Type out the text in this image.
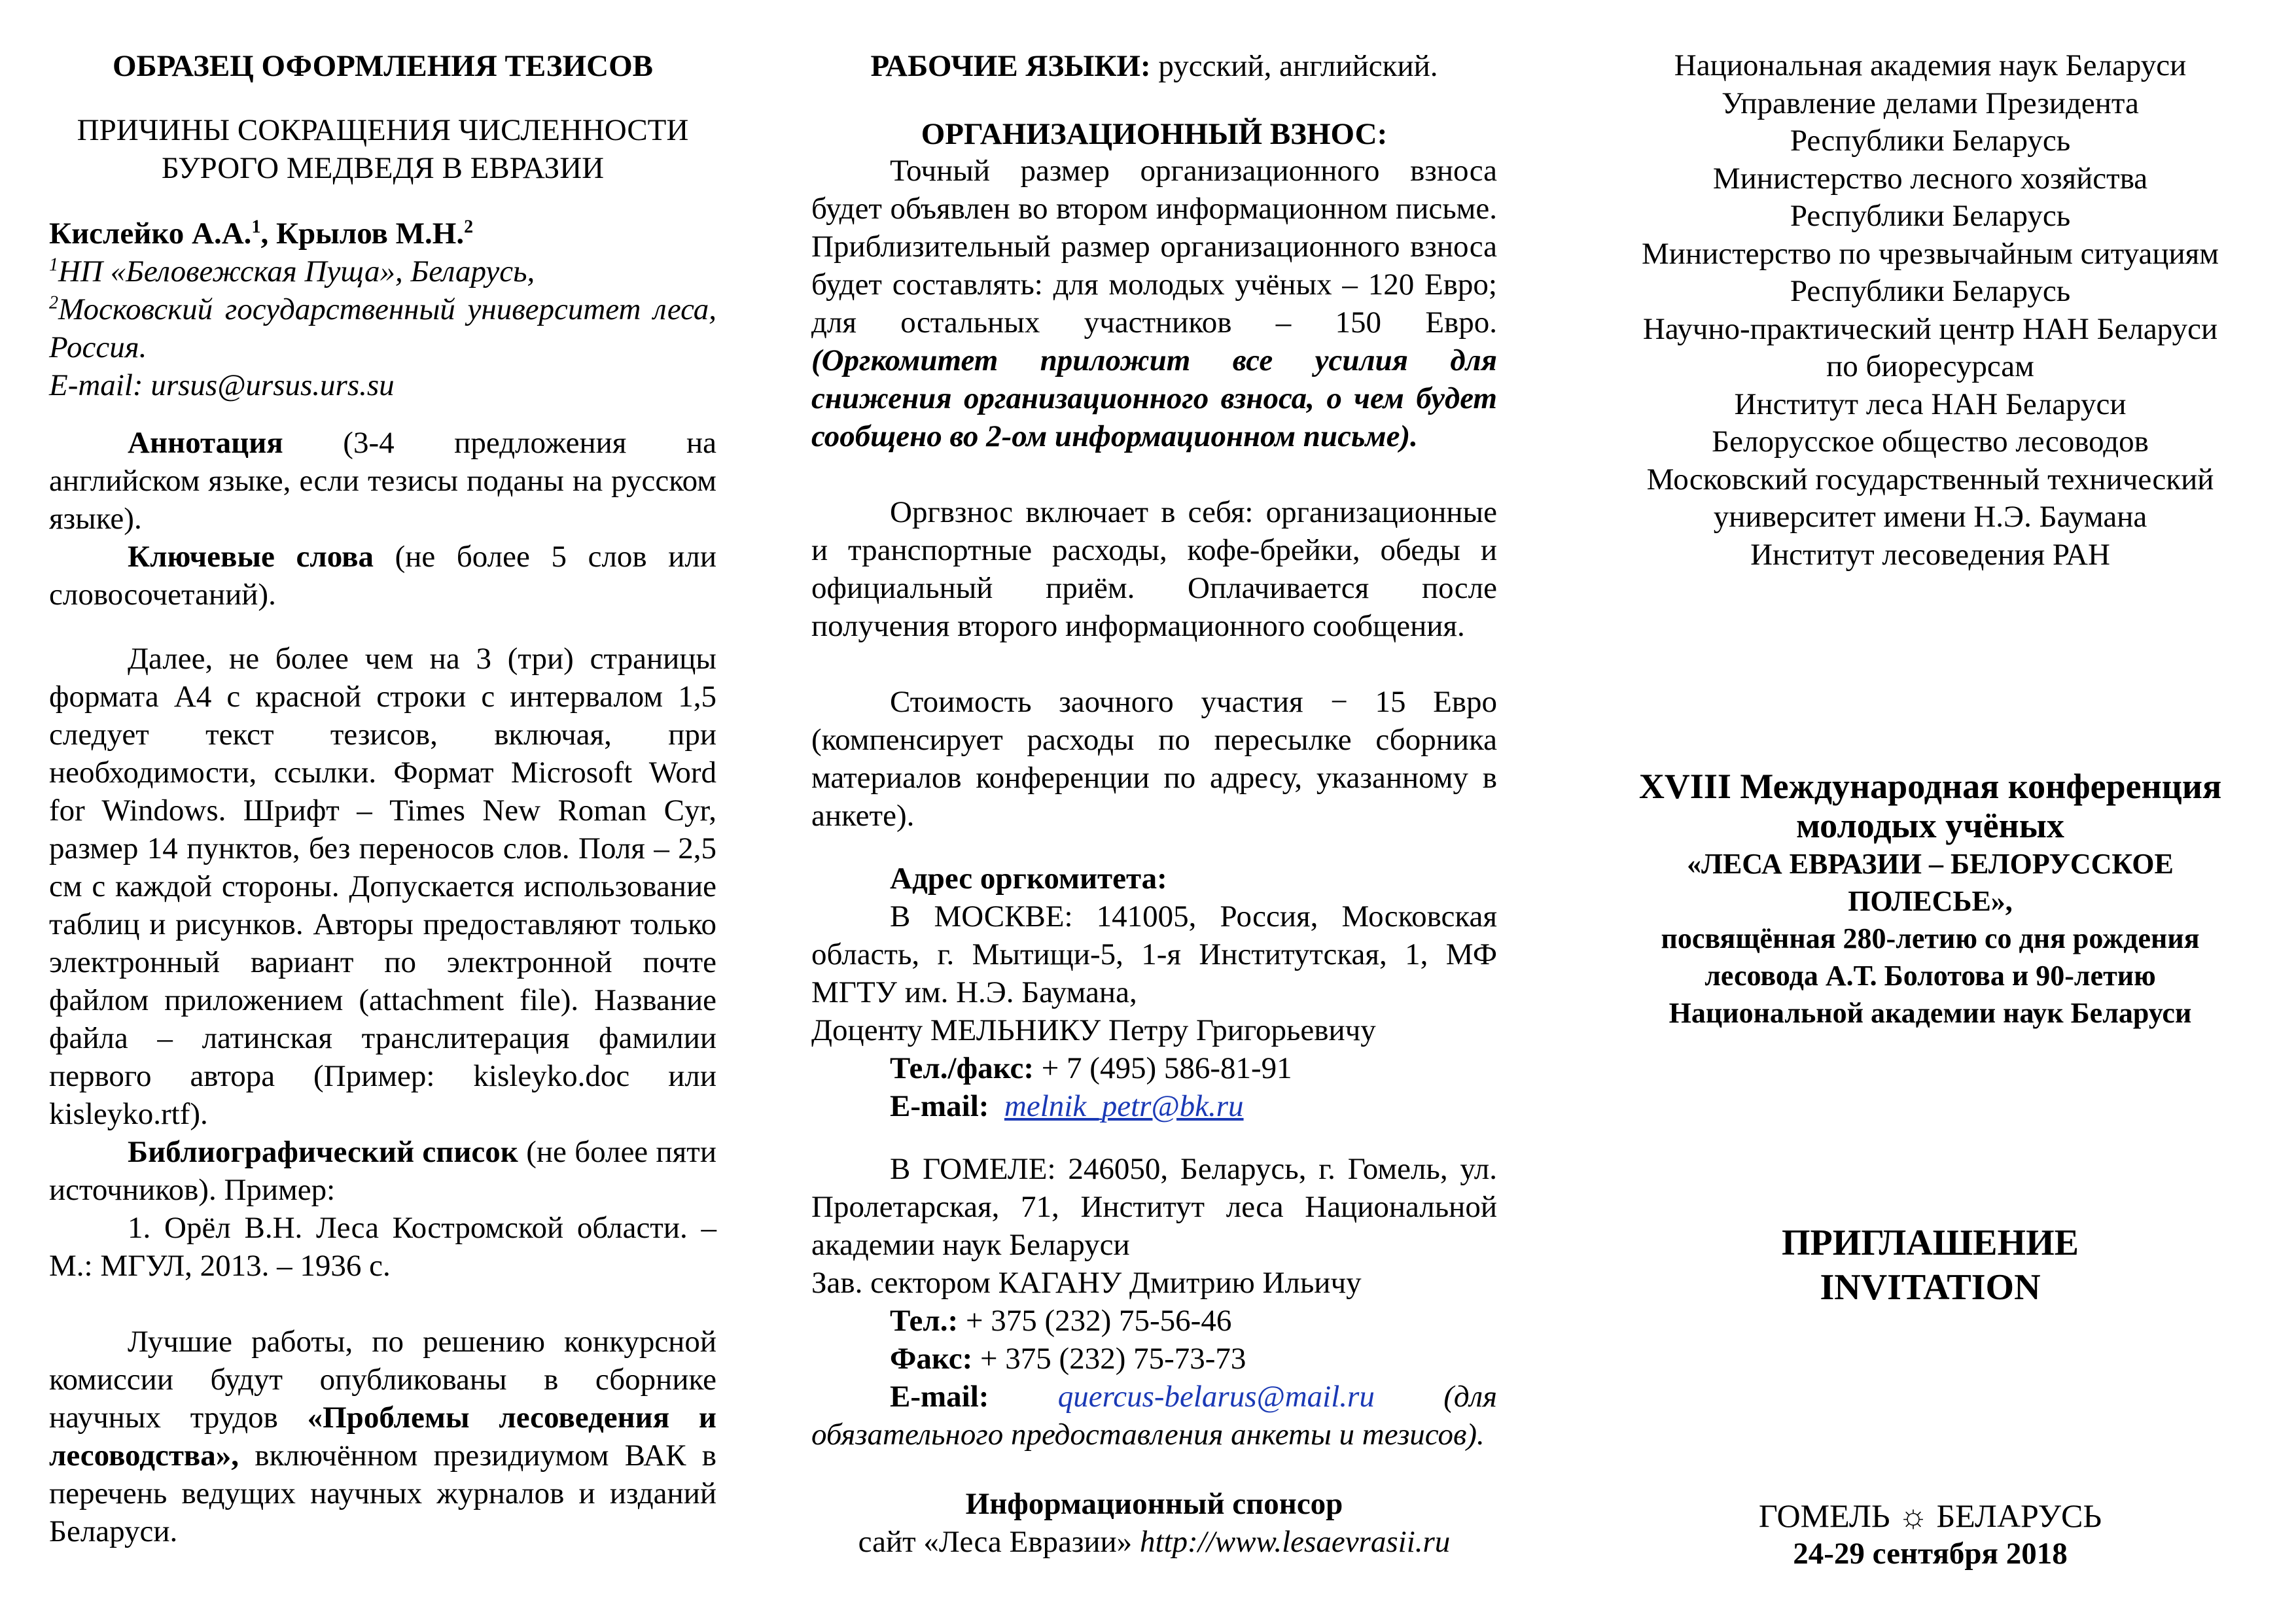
ОБРАЗЕЦ ОФОРМЛЕНИЯ ТЕЗИСОВ

ПРИЧИНЫ СОКРАЩЕНИЯ ЧИСЛЕННОСТИ

БУРОГО МЕДВЕДЯ В ЕВРАЗИИ

Кислейко А.А.$^1$, Крылов М.Н.$^2$

$^1$НП «Беловежская Пуща», Беларусь,

$^2$Московский государственный университет леса, Россия.

E-mail: ursus@ursus.urs.su

Аннотация (3-4 предложения на английском языке, если тезисы поданы на русском языке).

Ключевые слова (не более 5 слов или словосочетаний).

Далее, не более чем на 3 (три) страницы формата А4 с красной строки с интервалом 1,5 следует текст тезисов, включая, при необходимости, ссылки. Формат Microsoft Word for Windows. Шрифт – Times New Roman Cyr, размер 14 пунктов, без переносов слов. Поля – 2,5 см с каждой стороны. Допускается использование таблиц и рисунков. Авторы предоставляют только электронный вариант по электронной почте файлом приложением (attachment file). Название файла – латинская транслитерация фамилии первого автора (Пример: kisleyko.doc или kisleyko.rtf).

Библиографический список (не более пяти источников). Пример:

1. Орёл В.Н. Леса Костромской области. – М.: МГУЛ, 2013. – 1936 с.

Лучшие работы, по решению конкурсной комиссии будут опубликованы в сборнике научных трудов «Проблемы лесоведения и лесоводства», включённом президиумом ВАК в перечень ведущих научных журналов и изданий Беларуси.

РАБОЧИЕ ЯЗЫКИ: русский, английский.

ОРГАНИЗАЦИОННЫЙ ВЗНОС:

Точный размер организационного взноса будет объявлен во втором информационном письме. Приблизительный размер организационного взноса будет составлять: для молодых учёных – 120 Евро; для остальных участников – 150 Евро. (Оргкомитет приложит все усилия для снижения организационного взноса, о чем будет сообщено во 2-ом информационном письме).

Оргвзнос включает в себя: организационные и транспортные расходы, кофе-брейки, обеды и официальный приём. Оплачивается после получения второго информационного сообщения.

Стоимость заочного участия − 15 Евро (компенсирует расходы по пересылке сборника материалов конференции по адресу, указанному в анкете).

Адрес оргкомитета:

В МОСКВЕ: 141005, Россия, Московская область, г. Мытищи-5, 1-я Институтская, 1, МФ МГТУ им. Н.Э. Баумана,

Доценту МЕЛЬНИКУ Петру Григорьевичу

Тел./факс: + 7 (495) 586-81-91

E-mail: melnik_petr@bk.ru

В ГОМЕЛЕ: 246050, Беларусь, г. Гомель, ул. Пролетарская, 71, Институт леса Национальной академии наук Беларуси

Зав. сектором КАГАНУ Дмитрию Ильичу

Тел.: + 375 (232) 75-56-46

Факс: + 375 (232) 75-73-73

E-mail: quercus-belarus@mail.ru (для обязательного предоставления анкеты и тезисов).

Информационный спонсор

сайт «Леса Евразии» http://www.lesaevrasii.ru

Национальная академия наук Беларуси

Управление делами Президента

Республики Беларусь

Министерство лесного хозяйства

Республики Беларусь

Министерство по чрезвычайным ситуациям

Республики Беларусь

Научно-практический центр НАН Беларуси

по биоресурсам

Институт леса НАН Беларуси

Белорусское общество лесоводов

Московский государственный технический

университет имени Н.Э. Баумана

Институт лесоведения РАН

XVIII Международная конференция

молодых учёных

«ЛЕСА ЕВРАЗИИ – БЕЛОРУССКОЕ

ПОЛЕСЬЕ»,

посвящённая 280-летию со дня рождения

лесовода А.Т. Болотова и 90-летию

Национальной академии наук Беларуси

ПРИГЛАШЕНИЕ

INVITATION

ГОМЕЛЬ ☼ БЕЛАРУСЬ

24-29 сентября 2018
